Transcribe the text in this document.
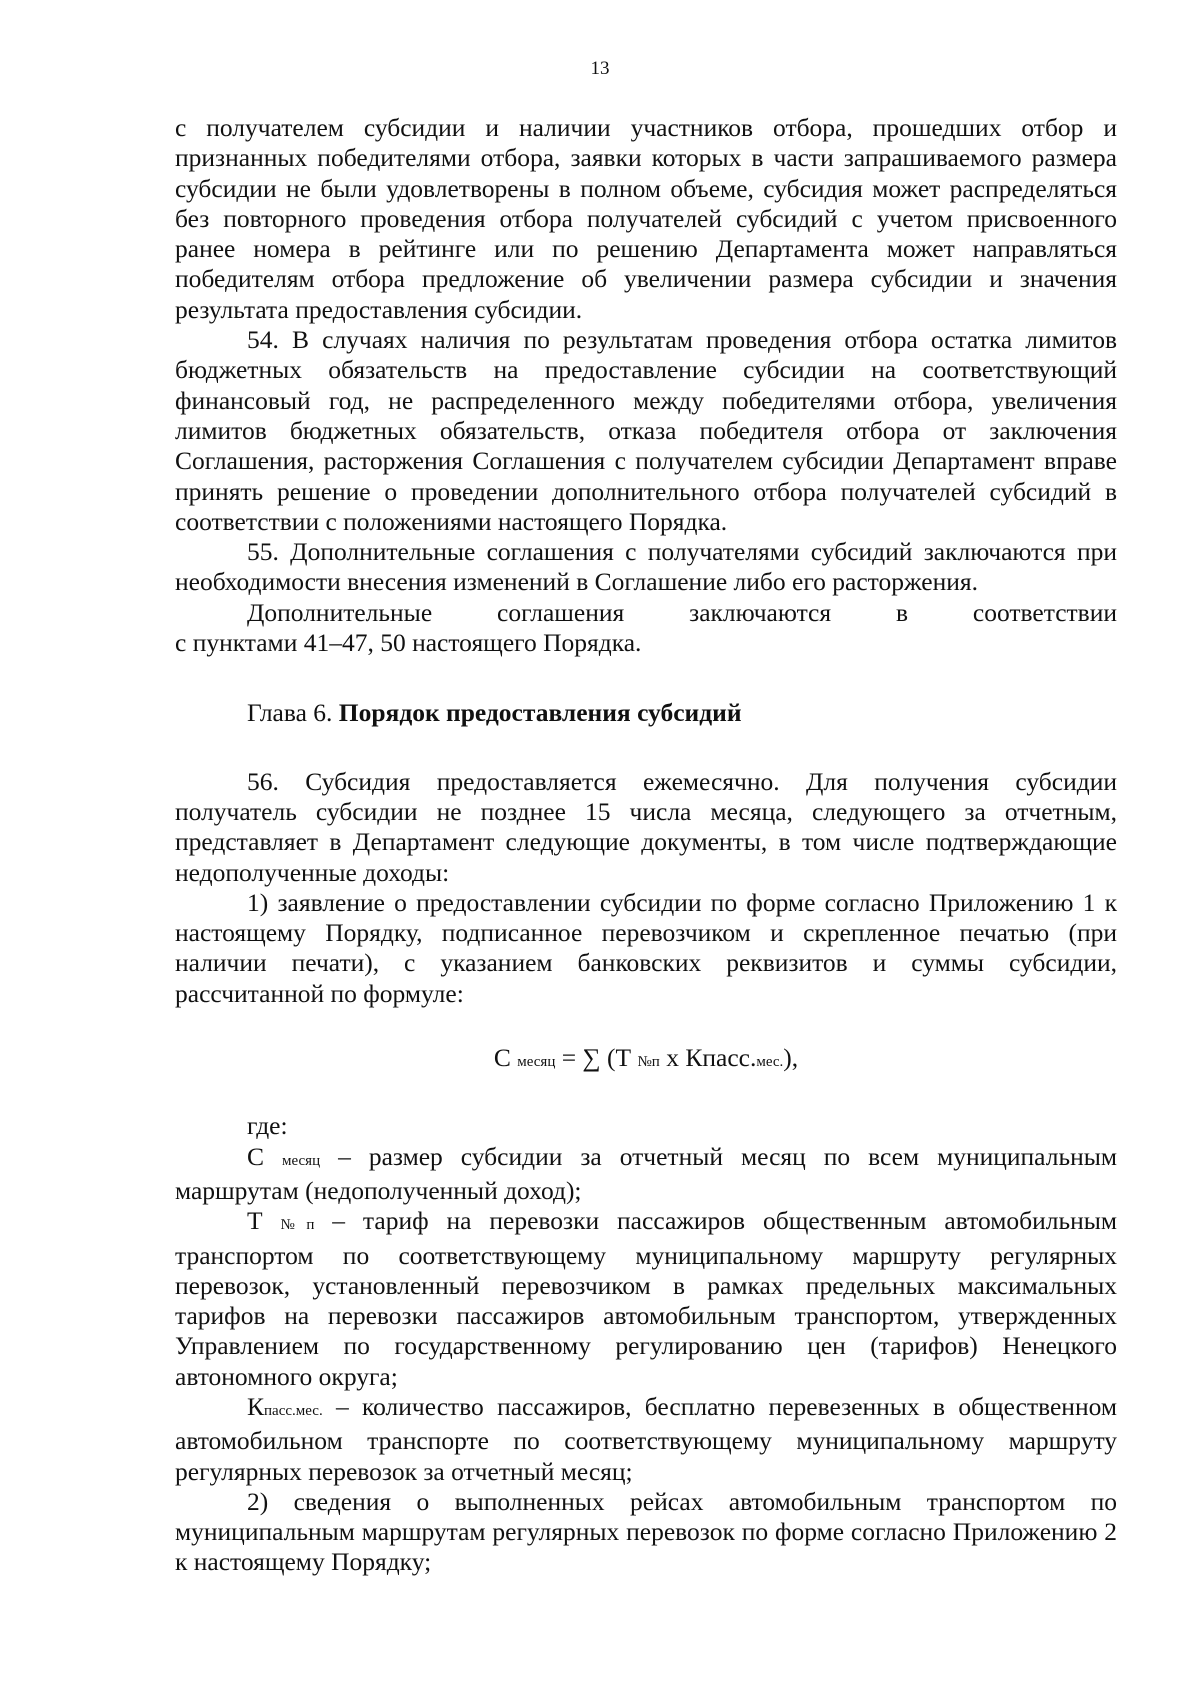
13

с получателем субсидии и наличии участников отбора, прошедших отбор и признанных победителями отбора, заявки которых в части запрашиваемого размера субсидии не были удовлетворены в полном объеме, субсидия может распределяться без повторного проведения отбора получателей субсидий с учетом присвоенного ранее номера в рейтинге или по решению Департамента может направляться победителям отбора предложение об увеличении размера субсидии и значения результата предоставления субсидии.

54. В случаях наличия по результатам проведения отбора остатка лимитов бюджетных обязательств на предоставление субсидии на соответствующий финансовый год, не распределенного между победителями отбора, увеличения лимитов бюджетных обязательств, отказа победителя отбора от заключения Соглашения, расторжения Соглашения с получателем субсидии Департамент вправе принять решение о проведении дополнительного отбора получателей субсидий в соответствии с положениями настоящего Порядка.

55. Дополнительные соглашения с получателями субсидий заключаются при необходимости внесения изменений в Соглашение либо его расторжения.

Дополнительные соглашения заключаются в соответствии

с пунктами 41–47, 50 настоящего Порядка.

Глава 6. Порядок предоставления субсидий

56. Субсидия предоставляется ежемесячно. Для получения субсидии получатель субсидии не позднее 15 числа месяца, следующего за отчетным, представляет в Департамент следующие документы, в том числе подтверждающие недополученные доходы:

1) заявление о предоставлении субсидии по форме согласно Приложению 1 к настоящему Порядку, подписанное перевозчиком и скрепленное печатью (при наличии печати), с указанием банковских реквизитов и суммы субсидии, рассчитанной по формуле:

С месяц = ∑ (Т №п х Кпасс.мес.),

где:

С месяц – размер субсидии за отчетный месяц по всем муниципальным маршрутам (недополученный доход);

Т №п – тариф на перевозки пассажиров общественным автомобильным транспортом по соответствующему муниципальному маршруту регулярных перевозок, установленный перевозчиком в рамках предельных максимальных тарифов на перевозки пассажиров автомобильным транспортом, утвержденных Управлением по государственному регулированию цен (тарифов) Ненецкого автономного округа;

Кпасс.мес. – количество пассажиров, бесплатно перевезенных в общественном автомобильном транспорте по соответствующему муниципальному маршруту регулярных перевозок за отчетный месяц;

2) сведения о выполненных рейсах автомобильным транспортом по муниципальным маршрутам регулярных перевозок по форме согласно Приложению 2 к настоящему Порядку;
